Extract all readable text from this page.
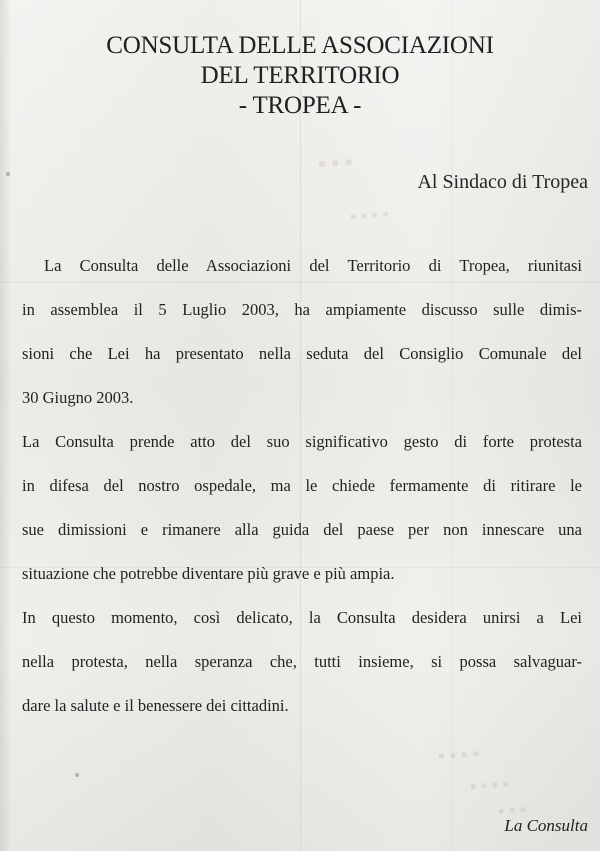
▪ ▪ ▪
▪ ▪ ▪ ▪
▪ ▪ ▪ ▪
▪ ▪ ▪ ▪
▪ ▪ ▪
CONSULTA DELLE ASSOCIAZIONI
DEL TERRITORIO
- TROPEA -
Al Sindaco di Tropea
La Consulta delle Associazioni del Territorio di Tropea, riunitasi
in assemblea il 5 Luglio 2003, ha ampiamente discusso sulle dimis-
sioni che Lei ha presentato nella seduta del Consiglio Comunale del
30 Giugno 2003.
La Consulta prende atto del suo significativo gesto di forte protesta
in difesa del nostro ospedale, ma le chiede fermamente di ritirare le
sue dimissioni e rimanere alla guida del paese per non innescare una
situazione che potrebbe diventare più grave e più ampia.
In questo momento, così delicato, la Consulta desidera unirsi a Lei
nella protesta, nella speranza che, tutti insieme, si possa salvaguar-
dare la salute e il benessere dei cittadini.
La Consulta
